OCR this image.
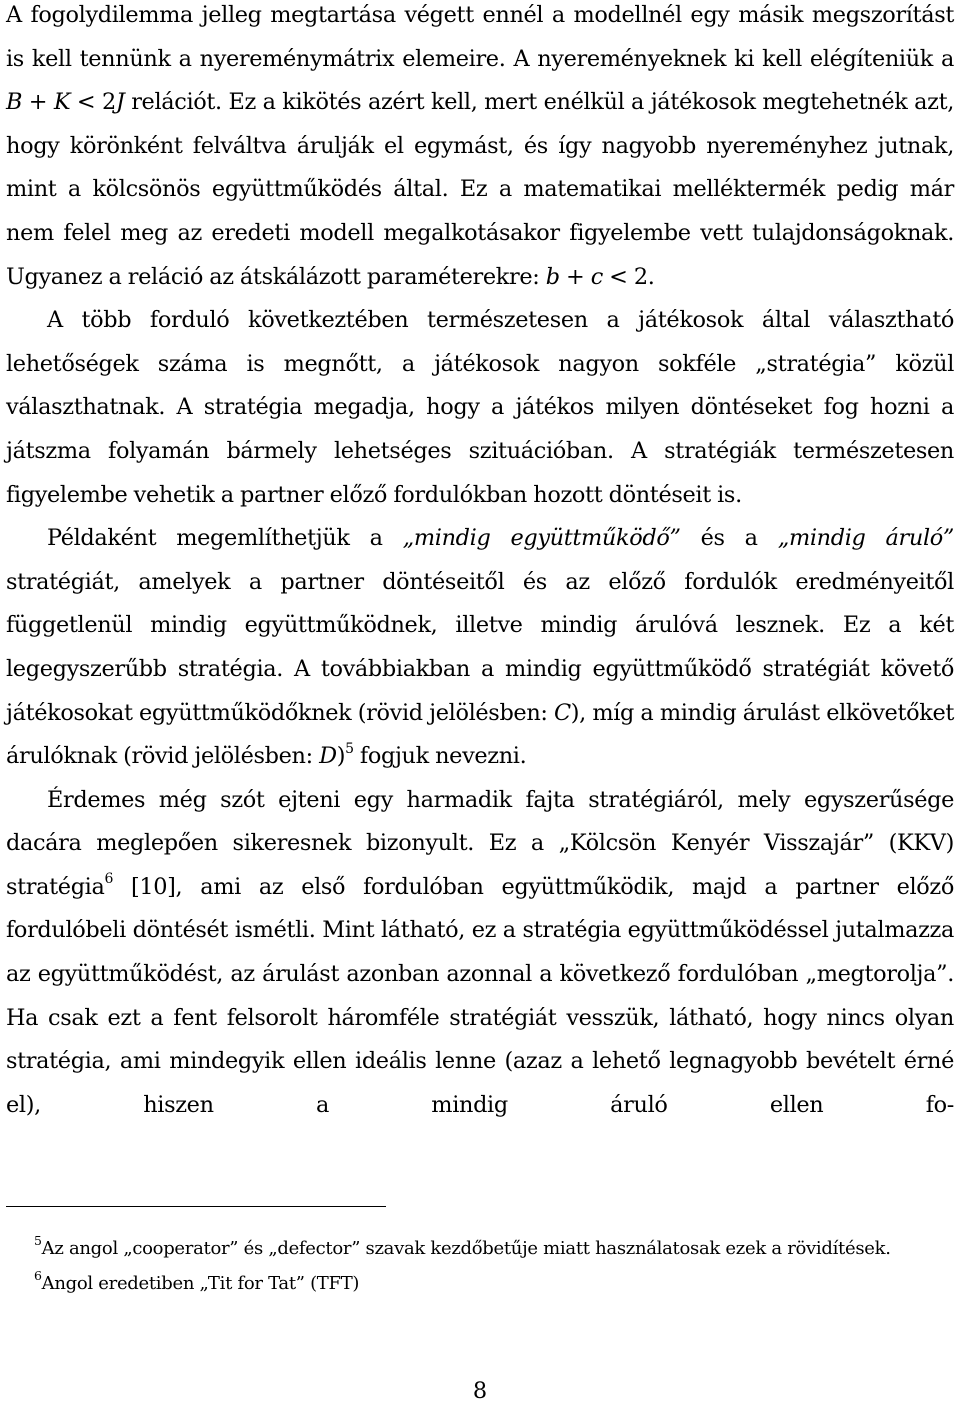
A fogolydilemma jelleg megtartása végett ennél a modellnél egy másik megszorítást is kell tennünk a nyereménymátrix elemeire. A nyereményeknek ki kell elégíteniük a B + K < 2J relációt. Ez a kikötés azért kell, mert enélkül a játékosok megtehetnék azt, hogy körönként felváltva árulják el egymást, és így nagyobb nyereményhez jutnak, mint a kölcsönös együttműködés által. Ez a matematikai melléktermék pedig már nem felel meg az eredeti modell megalkotásakor figyelembe vett tulajdonságoknak. Ugyanez a reláció az átskálázott paraméterekre: b + c < 2.

A több forduló következtében természetesen a játékosok által választható lehetőségek száma is megnőtt, a játékosok nagyon sokféle „stratégia” közül választhatnak. A stratégia megadja, hogy a játékos milyen döntéseket fog hozni a játszma folyamán bármely lehetséges szituációban. A stratégiák természetesen figyelembe vehetik a partner előző fordulókban hozott döntéseit is.

Példaként megemlíthetjük a „mindig együttműködő” és a „mindig áruló” stratégiát, amelyek a partner döntéseitől és az előző fordulók eredményeitől függetlenül mindig együttműködnek, illetve mindig árulóvá lesznek. Ez a két legegyszerűbb stratégia. A továbbiakban a mindig együttműködő stratégiát követő játékosokat együttműködőknek (rövid jelölésben: C), míg a mindig árulást elkövetőket árulóknak (rövid jelölésben: D)$^5$ fogjuk nevezni.

Érdemes még szót ejteni egy harmadik fajta stratégiáról, mely egyszerűsége dacára meglepően sikeresnek bizonyult. Ez a „Kölcsön Kenyér Visszajár” (KKV) stratégia$^6$ [10], ami az első fordulóban együttműködik, majd a partner előző fordulóbeli döntését ismétli. Mint látható, ez a stratégia együttműködéssel jutalmazza az együttműködést, az árulást azonban azonnal a következő fordulóban „megtorolja”. Ha csak ezt a fent felsorolt háromféle stratégiát vesszük, látható, hogy nincs olyan stratégia, ami mindegyik ellen ideális lenne (azaz a lehető legnagyobb bevételt érné el), hiszen a mindig áruló ellen fo-

$^5$Az angol „cooperator” és „defector” szavak kezdőbetűje miatt használatosak ezek a rövidítések.

$^6$Angol eredetiben „Tit for Tat” (TFT)

8
